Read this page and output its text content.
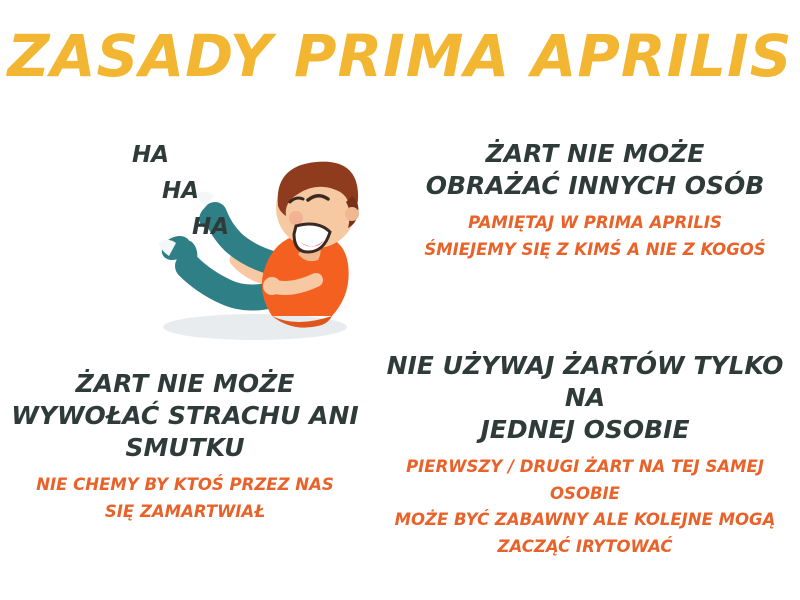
ZASADY PRIMA APRILIS
HA
HA
HA
ŻART NIE MOŻE
OBRAŻAĆ INNYCH OSÓB
PAMIĘTAJ W PRIMA APRILIS
ŚMIEJEMY SIĘ Z KIMŚ A NIE Z KOGOŚ
ŻART NIE MOŻE
WYWOŁAĆ STRACHU ANI
SMUTKU
NIE CHEMY BY KTOŚ PRZEZ NAS
SIĘ ZAMARTWIAŁ
NIE UŻYWAJ ŻARTÓW TYLKO NA
JEDNEJ OSOBIE
PIERWSZY / DRUGI ŻART NA TEJ SAMEJ OSOBIE
MOŻE BYĆ ZABAWNY ALE KOLEJNE MOGĄ
ZACZĄĆ IRYTOWAĆ
